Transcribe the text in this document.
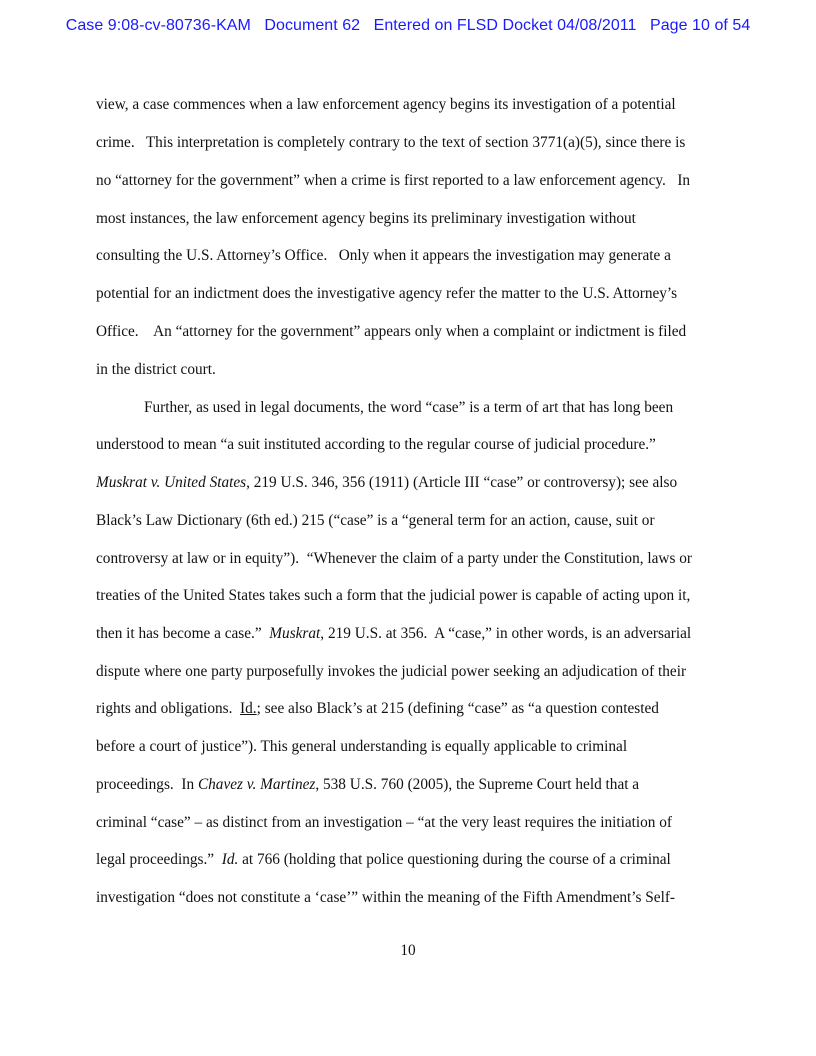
Case 9:08-cv-80736-KAM Document 62 Entered on FLSD Docket 04/08/2011 Page 10 of 54
view, a case commences when a law enforcement agency begins its investigation of a potential
crime.   This interpretation is completely contrary to the text of section 3771(a)(5), since there is
no “attorney for the government” when a crime is first reported to a law enforcement agency.   In
most instances, the law enforcement agency begins its preliminary investigation without
consulting the U.S. Attorney’s Office.   Only when it appears the investigation may generate a
potential for an indictment does the investigative agency refer the matter to the U.S. Attorney’s
Office.    An “attorney for the government” appears only when a complaint or indictment is filed
in the district court.
Further, as used in legal documents, the word “case” is a term of art that has long been
understood to mean “a suit instituted according to the regular course of judicial procedure.”
Muskrat v. United States, 219 U.S. 346, 356 (1911) (Article III “case” or controversy); see also
Black’s Law Dictionary (6th ed.) 215 (“case” is a “general term for an action, cause, suit or
controversy at law or in equity”).  “Whenever the claim of a party under the Constitution, laws or
treaties of the United States takes such a form that the judicial power is capable of acting upon it,
then it has become a case.”  Muskrat, 219 U.S. at 356.  A “case,” in other words, is an adversarial
dispute where one party purposefully invokes the judicial power seeking an adjudication of their
rights and obligations.  Id.; see also Black’s at 215 (defining “case” as “a question contested
before a court of justice”). This general understanding is equally applicable to criminal
proceedings.  In Chavez v. Martinez, 538 U.S. 760 (2005), the Supreme Court held that a
criminal “case” – as distinct from an investigation – “at the very least requires the initiation of
legal proceedings.”  Id. at 766 (holding that police questioning during the course of a criminal
investigation “does not constitute a ‘case’” within the meaning of the Fifth Amendment’s Self-
10
